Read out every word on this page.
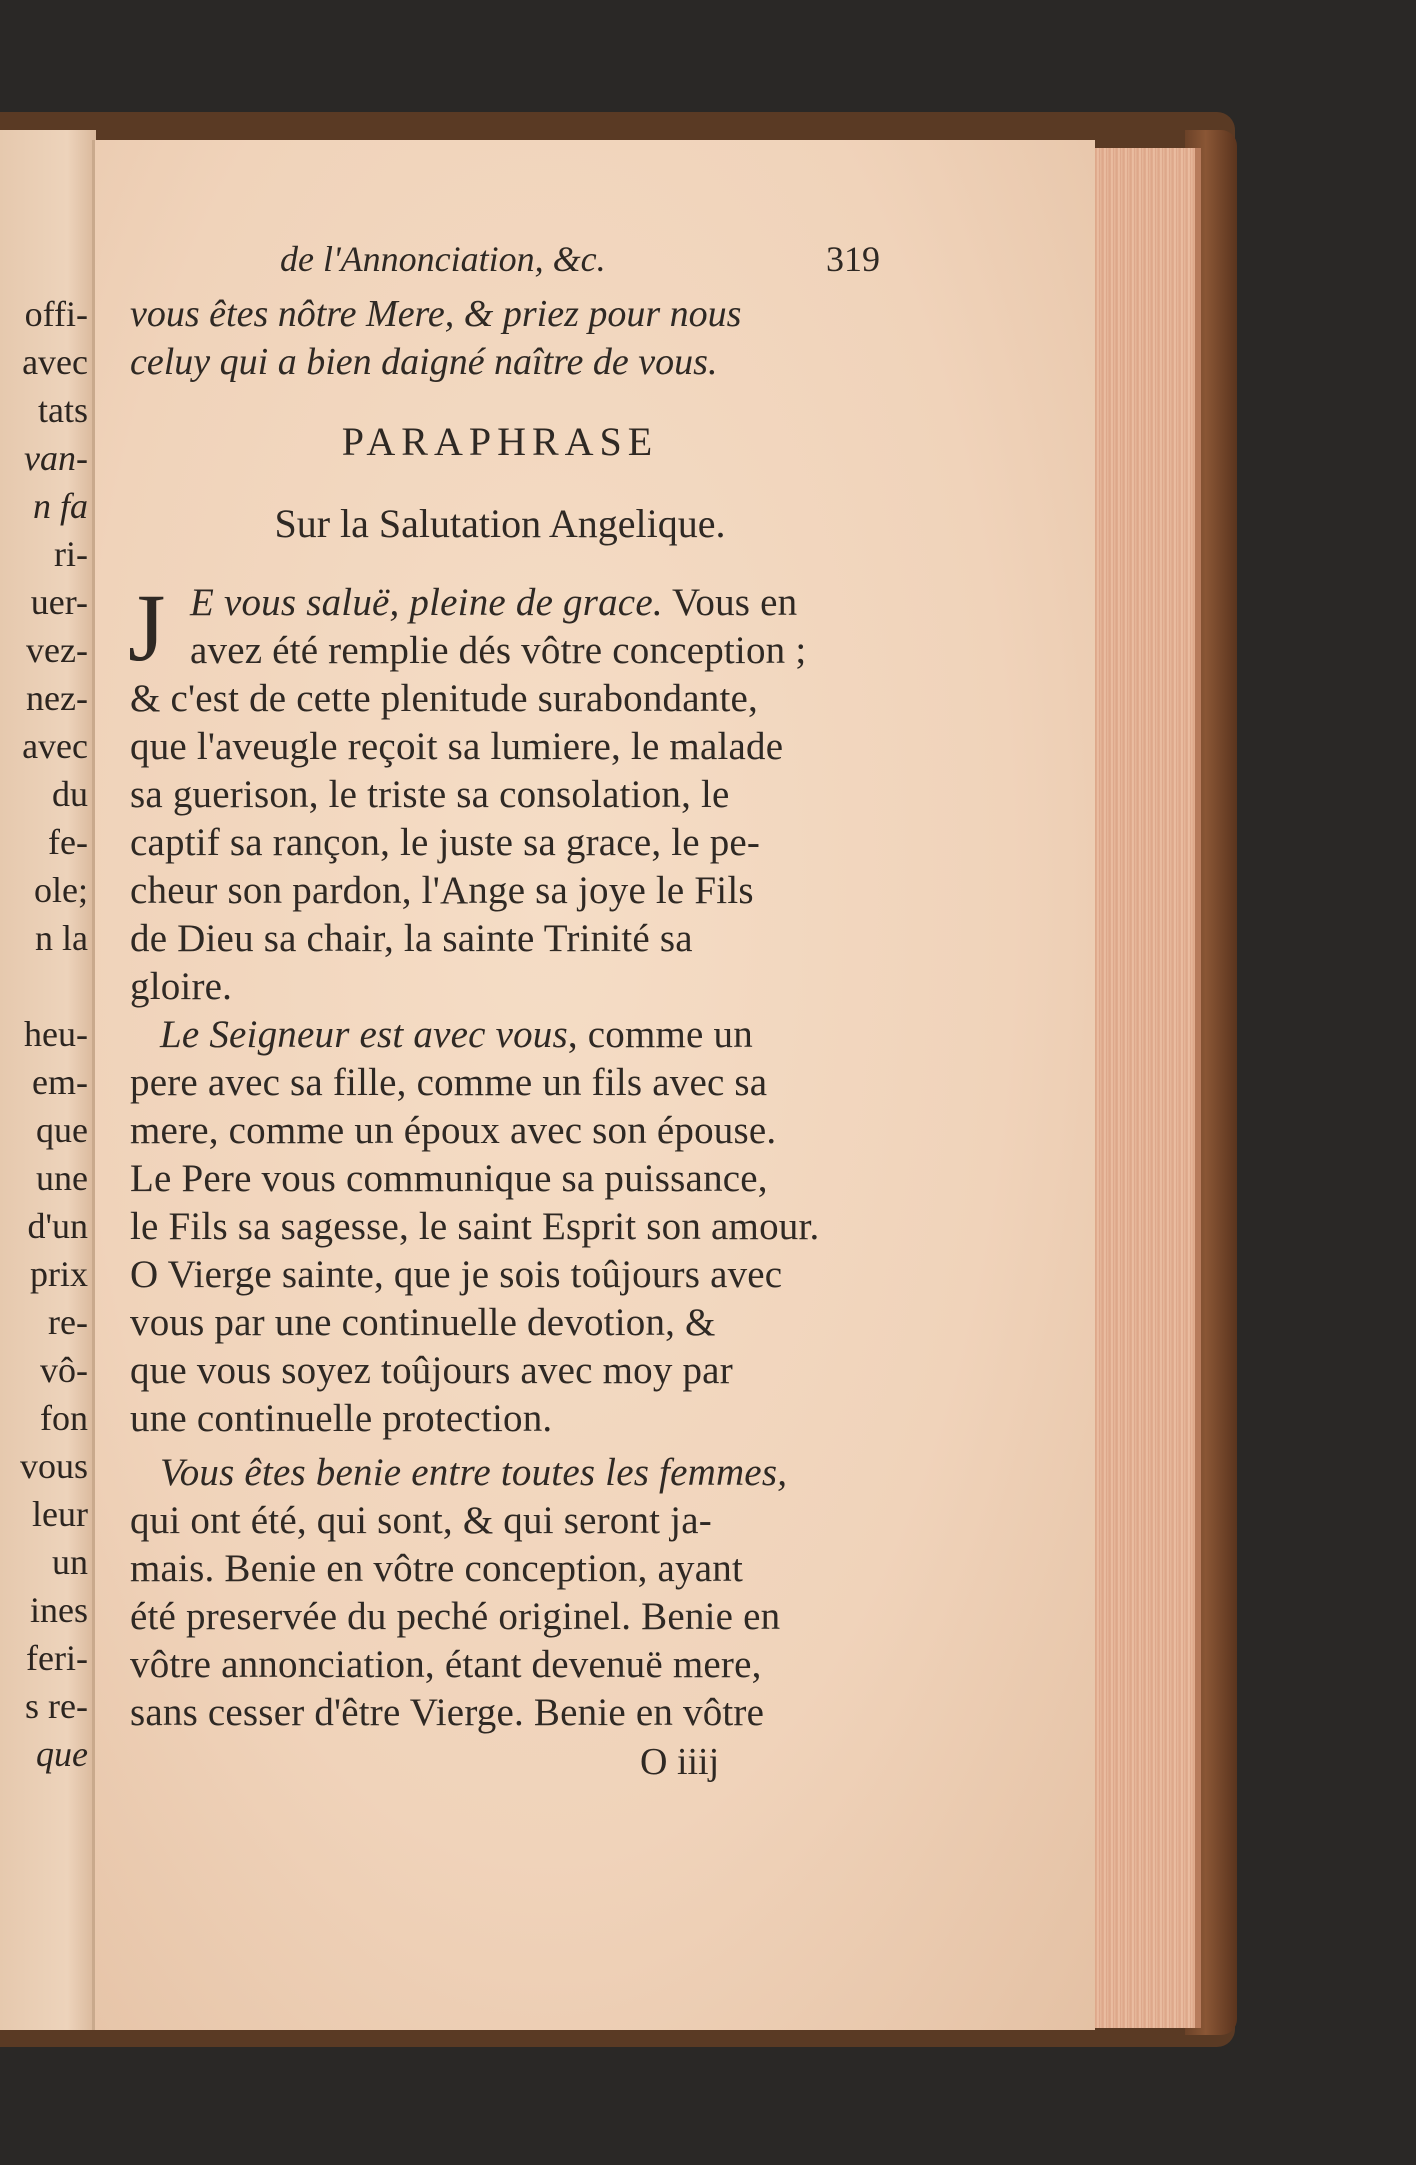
offi-
avec
tats
van-
n fa
ri-
uer-
vez-
nez-
avec
du
fe-
ole;
n la

heu-
em-
que
une
d'un
prix
re-
vô-
fon
vous
leur
un
ines
feri-
s re-
que
de l'Annonciation, &c.	319
vous êtes nôtre Mere, & priez pour nous
celuy qui a bien daigné naître de vous.
PARAPHRASE
Sur la Salutation Angelique.
J E vous saluë, pleine de grace. Vous en
avez été remplie dés vôtre conception ;
& c'est de cette plenitude surabondante,
que l'aveugle reçoit sa lumiere, le malade
sa guerison, le triste sa consolation, le
captif sa rançon, le juste sa grace, le pe-
cheur son pardon, l'Ange sa joye le Fils
de Dieu sa chair, la sainte Trinité sa
gloire.
Le Seigneur est avec vous, comme un
pere avec sa fille, comme un fils avec sa
mere, comme un époux avec son épouse.
Le Pere vous communique sa puissance,
le Fils sa sagesse, le saint Esprit son amour.
O Vierge sainte, que je sois toûjours avec
vous par une continuelle devotion, &
que vous soyez toûjours avec moy par
une continuelle protection.
Vous êtes benie entre toutes les femmes,
qui ont été, qui sont, & qui seront ja-
mais. Benie en vôtre conception, ayant
été preservée du peché originel. Benie en
vôtre annonciation, étant devenuë mere,
sans cesser d'être Vierge. Benie en vôtre
O iiij
